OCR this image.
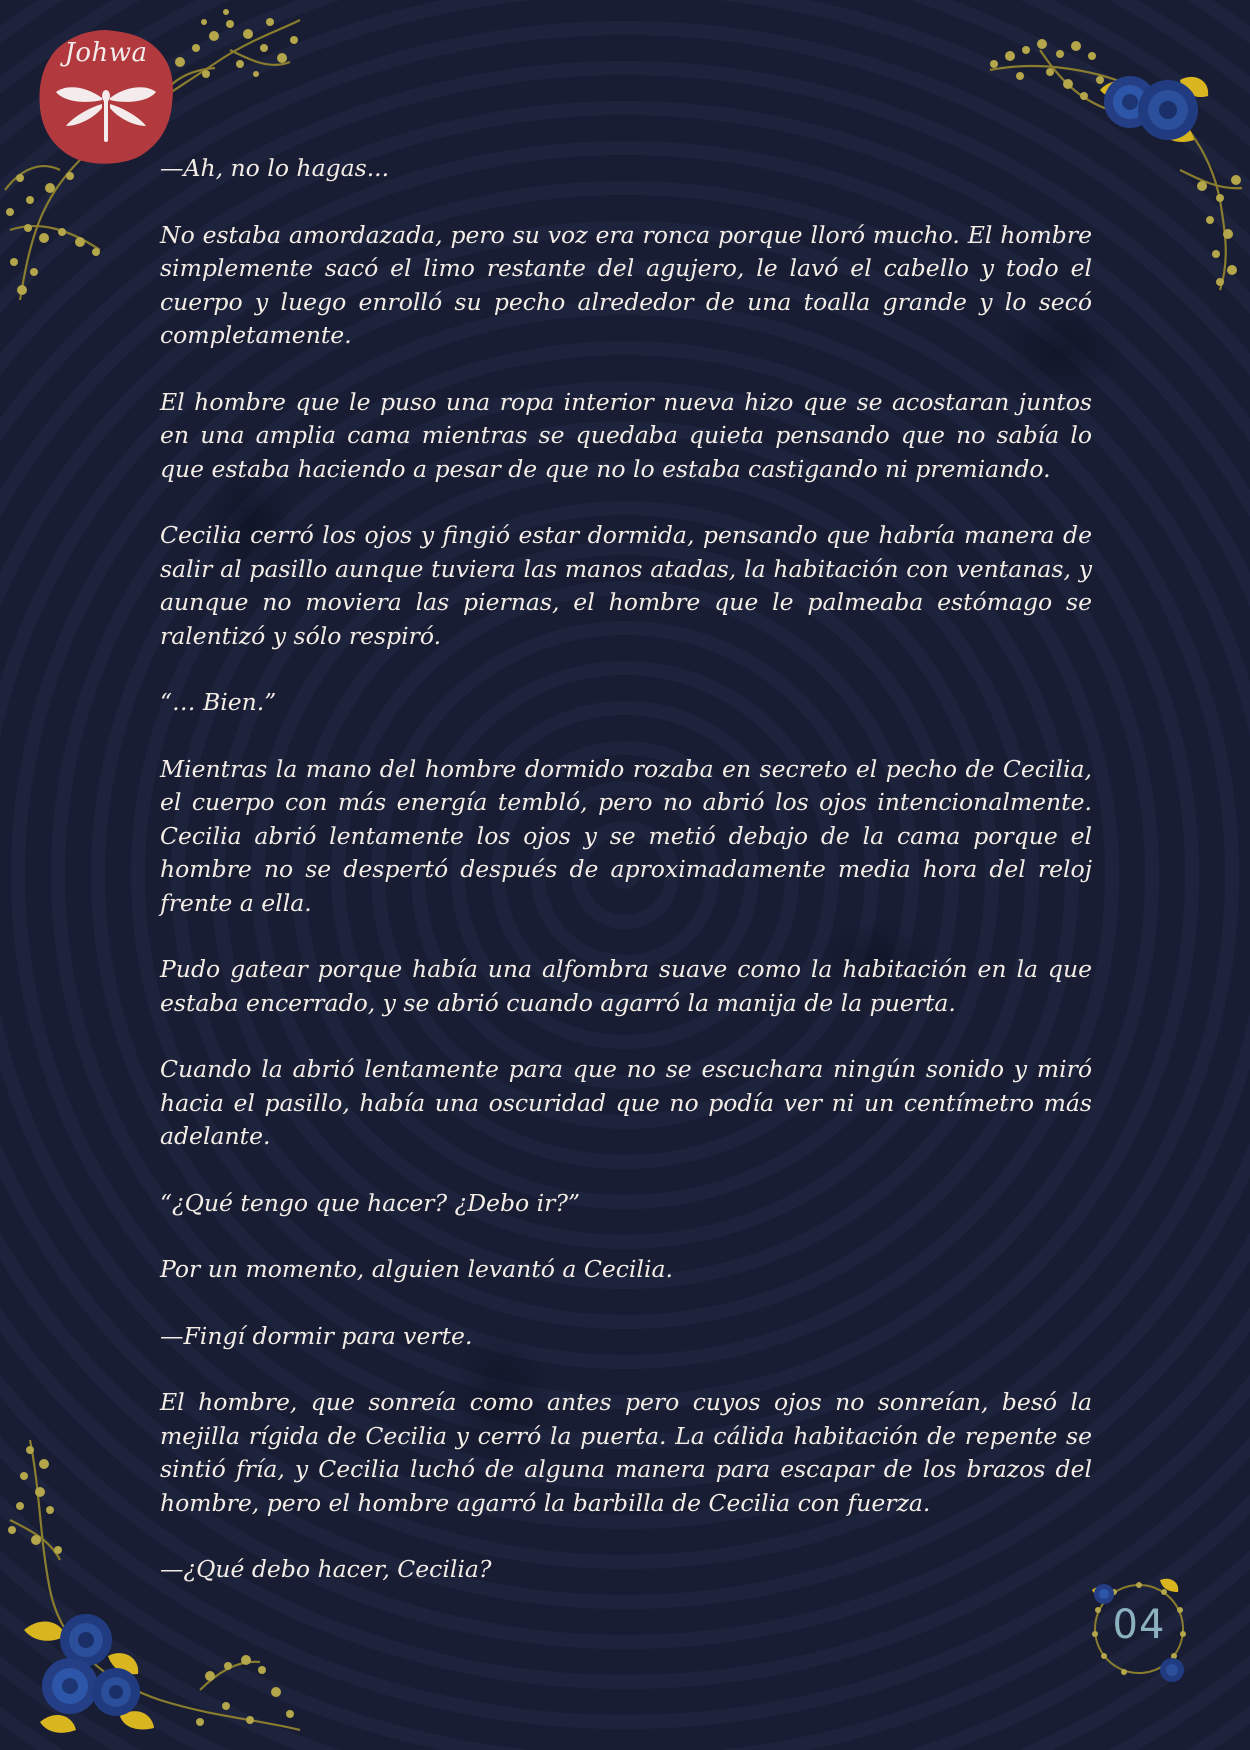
Johwa
04

—Ah, no lo hagas...

No estaba amordazada, pero su voz era ronca porque lloró mucho. El hombre simplemente sacó el limo restante del agujero, le lavó el cabello y todo el cuerpo y luego enrolló su pecho alrededor de una toalla grande y lo secó completamente.

El hombre que le puso una ropa interior nueva hizo que se acostaran juntos en una amplia cama mientras se quedaba quieta pensando que no sabía lo que estaba haciendo a pesar de que no lo estaba castigando ni premiando.

Cecilia cerró los ojos y fingió estar dormida, pensando que habría manera de salir al pasillo aunque tuviera las manos atadas, la habitación con ventanas, y aunque no moviera las piernas, el hombre que le palmeaba estómago se ralentizó y sólo respiró.

“… Bien.”

Mientras la mano del hombre dormido rozaba en secreto el pecho de Cecilia, el cuerpo con más energía tembló, pero no abrió los ojos intencionalmente. Cecilia abrió lentamente los ojos y se metió debajo de la cama porque el hombre no se despertó después de aproximadamente media hora del reloj frente a ella.

Pudo gatear porque había una alfombra suave como la habitación en la que estaba encerrado, y se abrió cuando agarró la manija de la puerta.

Cuando la abrió lentamente para que no se escuchara ningún sonido y miró hacia el pasillo, había una oscuridad que no podía ver ni un centímetro más adelante.

“¿Qué tengo que hacer? ¿Debo ir?”

Por un momento, alguien levantó a Cecilia.

—Fingí dormir para verte.

El hombre, que sonreía como antes pero cuyos ojos no sonreían, besó la mejilla rígida de Cecilia y cerró la puerta. La cálida habitación de repente se sintió fría, y Cecilia luchó de alguna manera para escapar de los brazos del hombre, pero el hombre agarró la barbilla de Cecilia con fuerza.

—¿Qué debo hacer, Cecilia?
